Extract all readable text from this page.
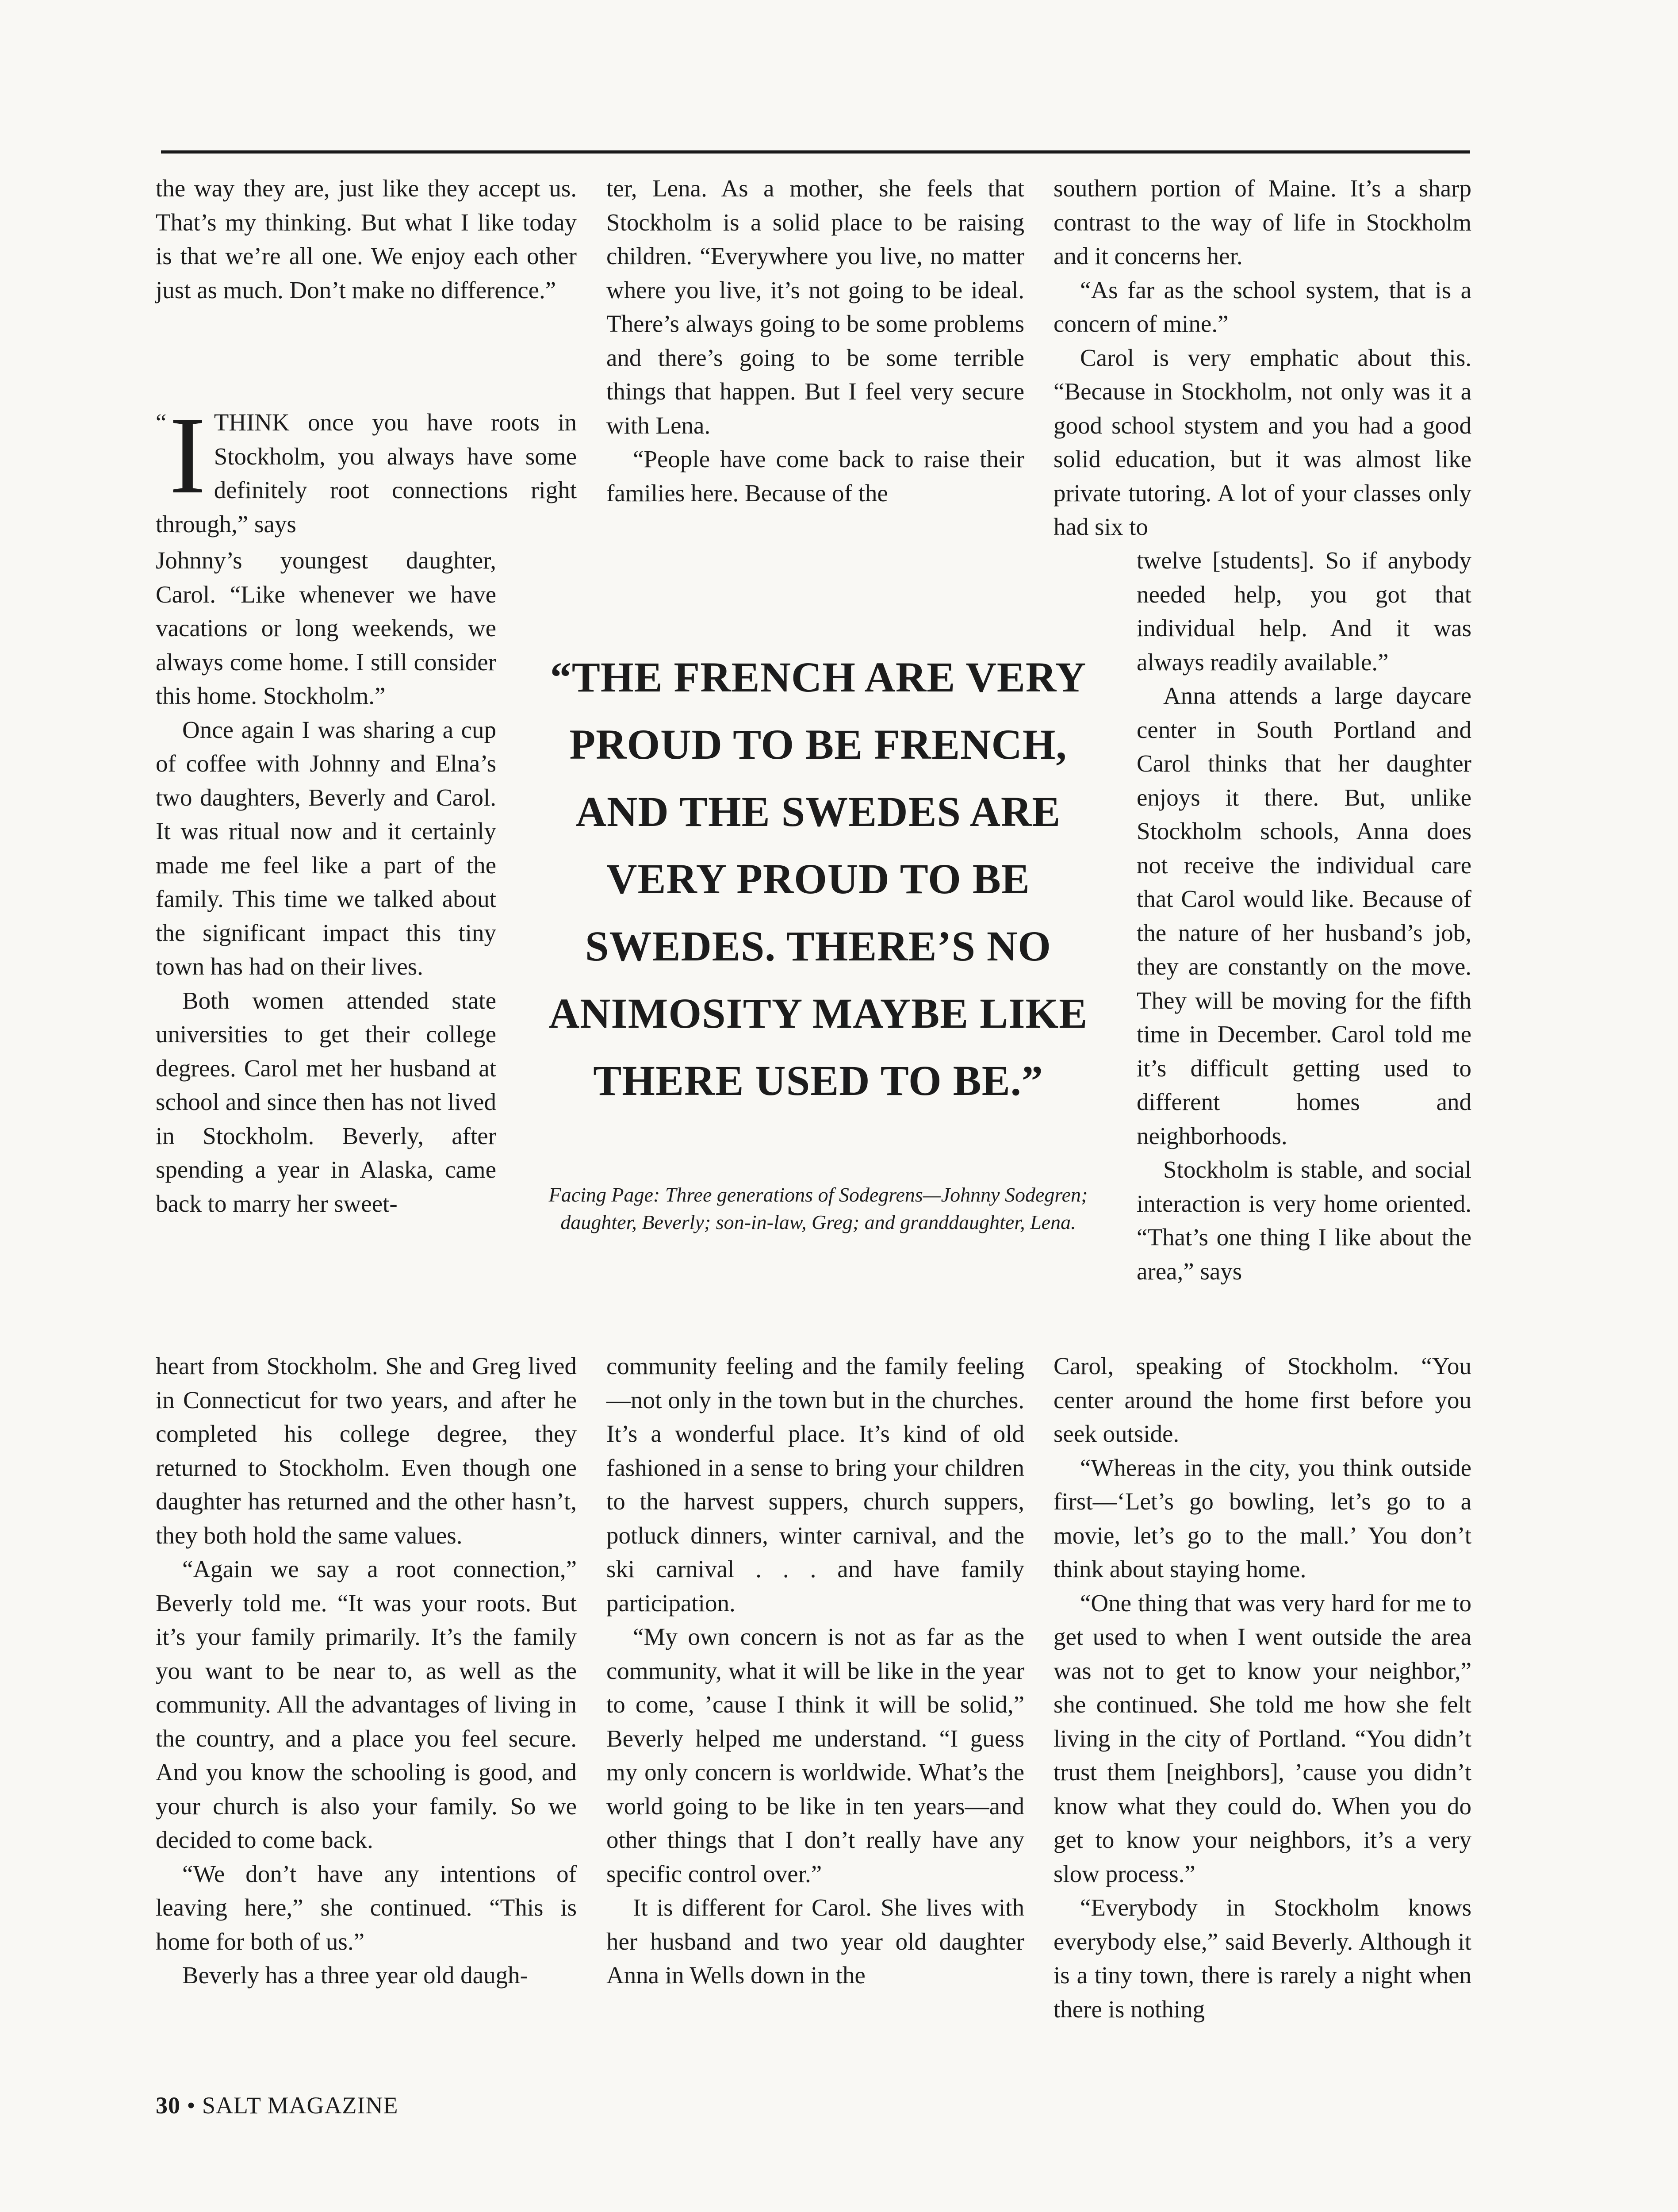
the way they are, just like they accept us. That’s my thinking. But what I like today is that we’re all one. We enjoy each other just as much. Don’t make no difference.”

“ I THINK once you have roots in Stockholm, you always have some definitely root connections right through,” says

Johnny’s youngest daughter, Carol. “Like whenever we have vacations or long weekends, we always come home. I still consider this home. Stockholm.”

Once again I was sharing a cup of coffee with Johnny and Elna’s two daughters, Beverly and Carol. It was ritual now and it certainly made me feel like a part of the family. This time we talked about the significant impact this tiny town has had on their lives.

Both women attended state universities to get their college degrees. Carol met her husband at school and since then has not lived in Stockholm. Beverly, after spending a year in Alaska, came back to marry her sweet-

heart from Stockholm. She and Greg lived in Connecticut for two years, and after he completed his college degree, they returned to Stockholm. Even though one daughter has returned and the other hasn’t, they both hold the same values.

“Again we say a root connection,” Beverly told me. “It was your roots. But it’s your family primarily. It’s the family you want to be near to, as well as the community. All the advantages of living in the country, and a place you feel secure. And you know the schooling is good, and your church is also your family. So we decided to come back.

“We don’t have any intentions of leaving here,” she continued. “This is home for both of us.”

Beverly has a three year old daugh-

ter, Lena. As a mother, she feels that Stockholm is a solid place to be raising children. “Everywhere you live, no matter where you live, it’s not going to be ideal. There’s always going to be some problems and there’s going to be some terrible things that happen. But I feel very secure with Lena.

“People have come back to raise their families here. Because of the

“THE FRENCH ARE VERY PROUD TO BE FRENCH, AND THE SWEDES ARE VERY PROUD TO BE SWEDES. THERE’S NO ANIMOSITY MAYBE LIKE THERE USED TO BE.”
Facing Page: Three generations of Sodegrens—Johnny Sodegren; daughter, Beverly; son-in-law, Greg; and granddaughter, Lena.

community feeling and the family feeling—not only in the town but in the churches. It’s a wonderful place. It’s kind of old fashioned in a sense to bring your children to the harvest suppers, church suppers, potluck dinners, winter carnival, and the ski carnival . . . and have family participation.

“My own concern is not as far as the community, what it will be like in the year to come, ’cause I think it will be solid,” Beverly helped me understand. “I guess my only concern is worldwide. What’s the world going to be like in ten years—and other things that I don’t really have any specific control over.”

It is different for Carol. She lives with her husband and two year old daughter Anna in Wells down in the

southern portion of Maine. It’s a sharp contrast to the way of life in Stockholm and it concerns her.

“As far as the school system, that is a concern of mine.”

Carol is very emphatic about this. “Because in Stockholm, not only was it a good school stystem and you had a good solid education, but it was almost like private tutoring. A lot of your classes only had six to

twelve [students]. So if anybody needed help, you got that individual help. And it was always readily available.”

Anna attends a large daycare center in South Portland and Carol thinks that her daughter enjoys it there. But, unlike Stockholm schools, Anna does not receive the individual care that Carol would like. Because of the nature of her husband’s job, they are constantly on the move. They will be moving for the fifth time in December. Carol told me it’s difficult getting used to different homes and neighborhoods.

Stockholm is stable, and social interaction is very home oriented. “That’s one thing I like about the area,” says

Carol, speaking of Stockholm. “You center around the home first before you seek outside.

“Whereas in the city, you think outside first—‘Let’s go bowling, let’s go to a movie, let’s go to the mall.’ You don’t think about staying home.

“One thing that was very hard for me to get used to when I went outside the area was not to get to know your neighbor,” she continued. She told me how she felt living in the city of Portland. “You didn’t trust them [neighbors], ’cause you didn’t know what they could do. When you do get to know your neighbors, it’s a very slow process.”

“Everybody in Stockholm knows everybody else,” said Beverly. Although it is a tiny town, there is rarely a night when there is nothing

30 • SALT MAGAZINE
